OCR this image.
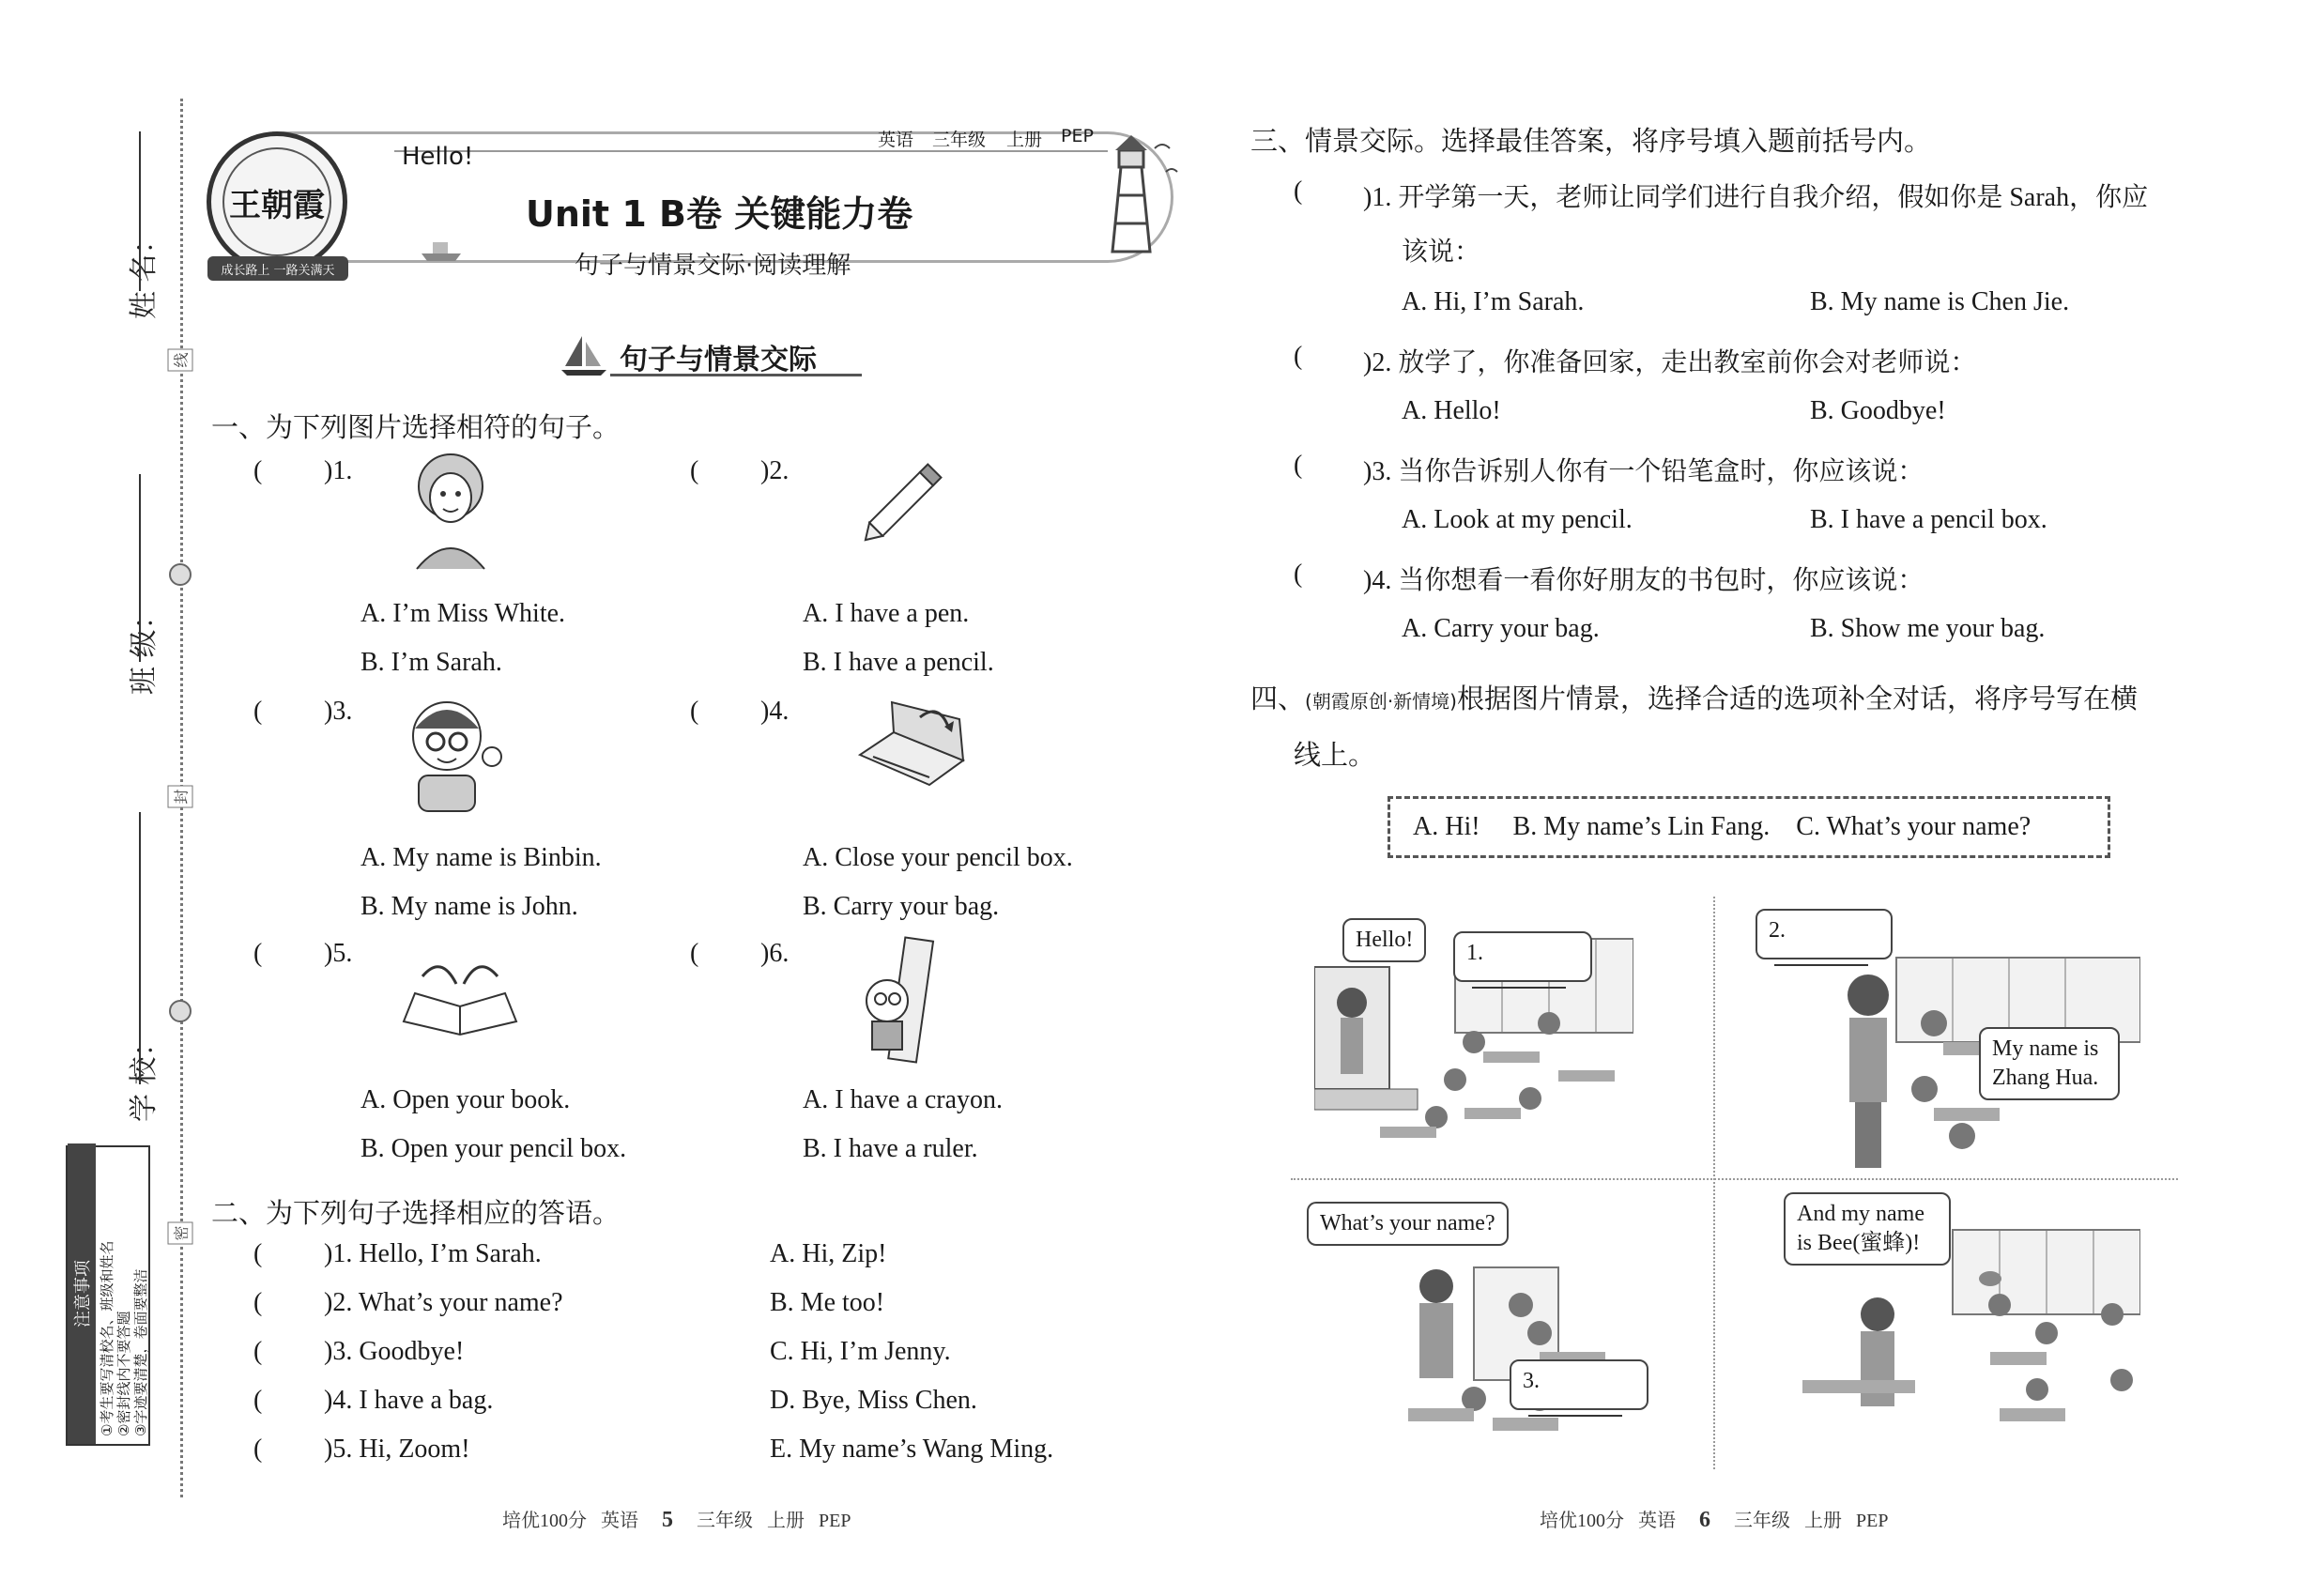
姓 名：
班 级：
学 校：
线
封
密
注意事项 ①考生要写清校名、班级和姓名 ②密封线内不要答题 ③字迹要清楚，卷面要整洁
英语 三年级 上册 PEP
王朝霞
成长路上 一路关满天
Hello!
Unit 1 B卷 关键能力卷
句子与情景交际·阅读理解
句子与情景交际
一、为下列图片选择相符的句子。
( )1.
A. I’m Miss White.
B. I’m Sarah.
( )2.
A. I have a pen.
B. I have a pencil.
( )3.
A. My name is Binbin.
B. My name is John.
( )4.
A. Close your pencil box.
B. Carry your bag.
( )5.
A. Open your book.
B. Open your pencil box.
( )6.
A. I have a crayon.
B. I have a ruler.
二、为下列句子选择相应的答语。
( )1. Hello, I’m Sarah.	A. Hi, Zip!
( )2. What’s your name?	B. Me too!
( )3. Goodbye!	C. Hi, I’m Jenny.
( )4. I have a bag.	D. Bye, Miss Chen.
( )5. Hi, Zoom!	E. My name’s Wang Ming.
培优100分 英语 5 三年级 上册 PEP
三、情景交际。选择最佳答案，将序号填入题前括号内。
( )1. 开学第一天，老师让同学们进行自我介绍，假如你是 Sarah，你应
该说：
A. Hi, I’m Sarah.	B. My name is Chen Jie.
( )2. 放学了，你准备回家，走出教室前你会对老师说：
A. Hello!	B. Goodbye!
( )3. 当你告诉别人你有一个铅笔盒时，你应该说：
A. Look at my pencil.	B. I have a pencil box.
( )4. 当你想看一看你好朋友的书包时，你应该说：
A. Carry your bag.	B. Show me your bag.
四、(朝霞原创·新情境)根据图片情景，选择合适的选项补全对话，将序号写在横
线上。
A. Hi!     B. My name’s Lin Fang.    C. What’s your name?
Hello!
1.
2.
My name is Zhang Hua.
What’s your name?
3.
And my name is Bee(蜜蜂)!
培优100分 英语 6 三年级 上册 PEP
